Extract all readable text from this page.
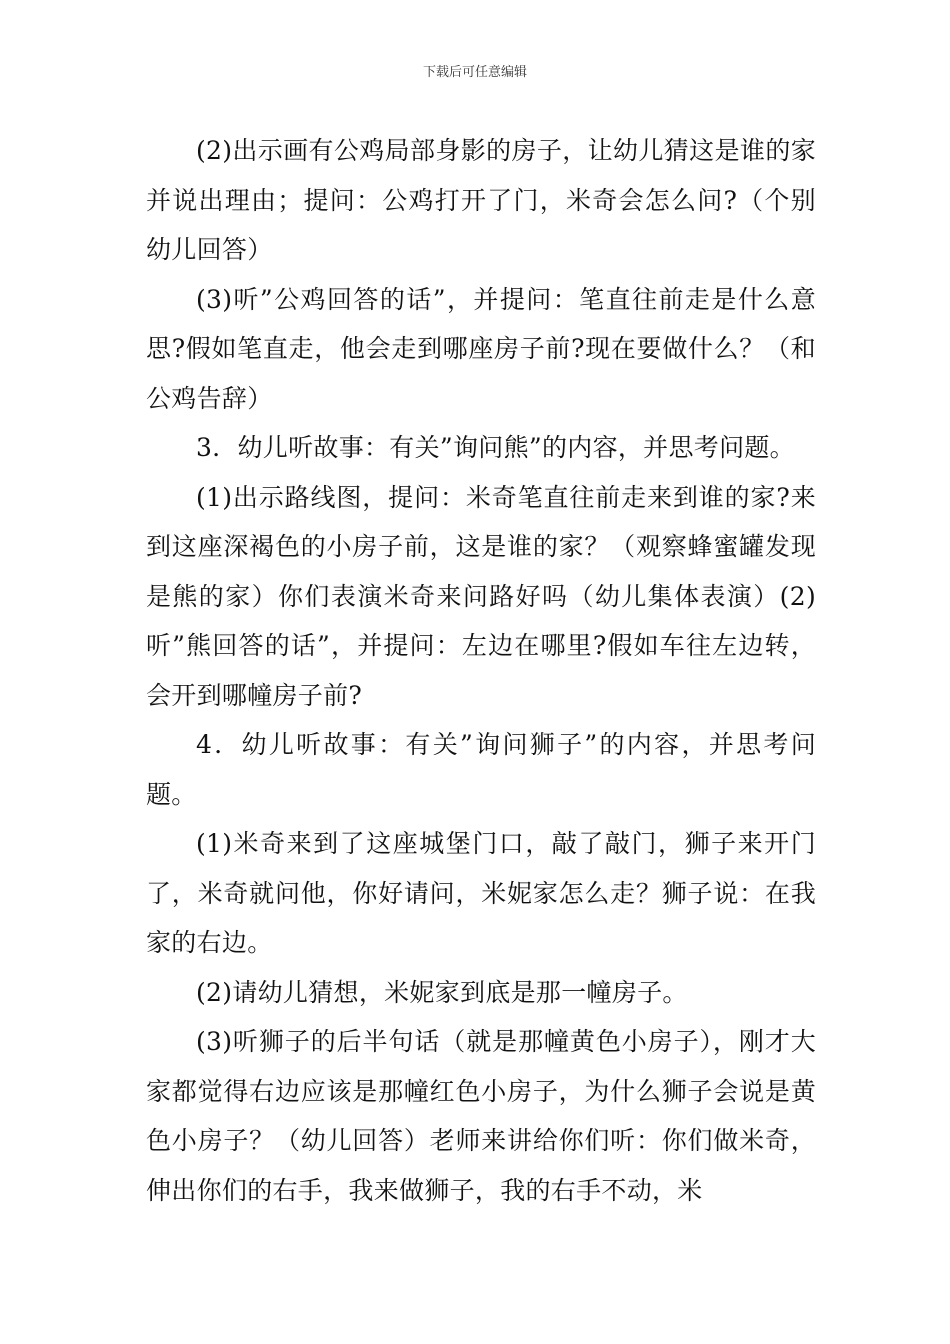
下载后可任意编辑

(2)出示画有公鸡局部身影的房子，让幼儿猜这是谁的家并说出理由；提问：公鸡打开了门，米奇会怎么问?（个别幼儿回答）

(3)听”公鸡回答的话”，并提问：笔直往前走是什么意思?假如笔直走，他会走到哪座房子前?现在要做什么？（和公鸡告辞）

3．幼儿听故事：有关”询问熊”的内容，并思考问题。

(1)出示路线图，提问：米奇笔直往前走来到谁的家?来到这座深褐色的小房子前，这是谁的家？（观察蜂蜜罐发现是熊的家）你们表演米奇来问路好吗（幼儿集体表演）(2)听”熊回答的话”，并提问：左边在哪里?假如车往左边转，会开到哪幢房子前?

4．幼儿听故事：有关”询问狮子”的内容，并思考问题。

(1)米奇来到了这座城堡门口，敲了敲门，狮子来开门了，米奇就问他，你好请问，米妮家怎么走？狮子说：在我家的右边。

(2)请幼儿猜想，米妮家到底是那一幢房子。

(3)听狮子的后半句话（就是那幢黄色小房子），刚才大家都觉得右边应该是那幢红色小房子，为什么狮子会说是黄色小房子？（幼儿回答）老师来讲给你们听：你们做米奇，伸出你们的右手，我来做狮子，我的右手不动，米
